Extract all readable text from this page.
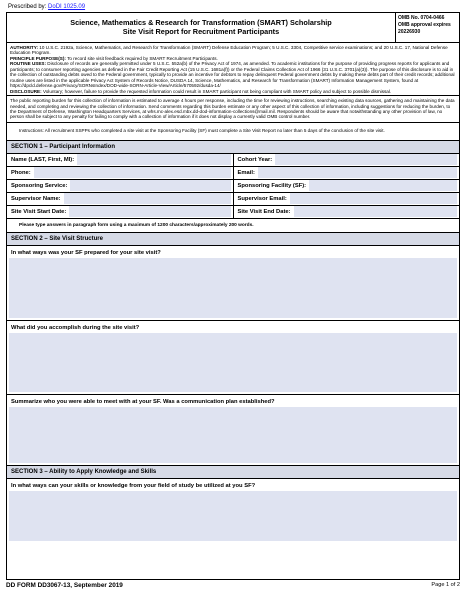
Prescribed by: DoDI 1025.09
Science, Mathematics & Research for Transformation (SMART) Scholarship
Site Visit Report for Recruitment Participants
OMB No. 0704-0466
OMB approval expires
20226930
AUTHORITY: 10 U.S.C. 2192a, Science, Mathematics, and Research for Transformation (SMART) Defense Education Program; 5 U.S.C. 3304, Competitive service examinations; and 20 U.S.C. 17, National Defense Education Program.
PRINCIPLE PURPOSE(S): To record site visit feedback required by SMART Recruitment Participants.
ROUTINE USES: Disclosure of records are generally permitted under 5 U.S.C. 552a(b) of the Privacy Act of 1974, as amended. To academic institutions for the purpose of providing progress reports for applicants and participants; to consumer reporting agencies as defined in the Fair Credit Reporting Act (15 U.S.C. 1681a(f)) or the Federal Claims Collection Act of 1966 (31 U.S.C. 3701(a)(3)). The purpose of this disclosure is to aid in the collection of outstanding debts owed to the Federal government, typically to provide an incentive for debtors to repay delinquent Federal government debts by making these debts part of their credit records; additional routine uses are listed in the applicable Privacy Act System of Records Notice, DUSDA 14, Science, Mathematics, and Research for Transformation (SMART) Information Management System, found at https://dpcld.defense.gov/Privacy/SORNsIndex/DOD-wide-SORN-Article-View/Article/570592/dusda-14/
DISCLOSURE: Voluntary; however, failure to provide the requested information could result in SMART participant not being compliant with SMART policy and subject to possible dismissal.
The public reporting burden for this collection of information is estimated to average 4 hours per response, including the time for reviewing instructions, searching existing data sources, gathering and maintaining the data needed, and completing and reviewing the collection of information. Send comments regarding this burden estimate or any other aspect of this collection of information, including suggestions for reducing the burden, to the Department of Defense, Washington Headquarters Services, at whs.mc-alex.esd.mbx.dd-dod-information-collections@mail.mil. Respondents should be aware that notwithstanding any other provision of law, no person shall be subject to any penalty for failing to comply with a collection of information if it does not display a currently valid OMB control number.
Instructions: All recruitment SSPPs who completed a site visit at the Sponsoring Facility (SF) must complete a Site Visit Report no later than 5 days of the conclusion of the site visit.
SECTION 1 – Participant Information
Name (LAST, First, MI):	Cohort Year:
Phone:	Email:
Sponsoring Service:	Sponsoring Facility (SF):
Supervisor Name:	Supervisor Email:
Site Visit Start Date:	Site Visit End Date:
Please type answers in paragraph form using a maximum of 1200 characters/approximately 200 words.
SECTION 2 – Site Visit Structure
In what ways was your SF prepared for your site visit?
What did you accomplish during the site visit?
Summarize who you were able to meet with at your SF. Was a communication plan established?
SECTION 3 – Ability to Apply Knowledge and Skills
In what ways can your skills or knowledge from your field of study be utilized at you SF?
DD FORM DD3067-13, September 2019	Page 1 of 2
